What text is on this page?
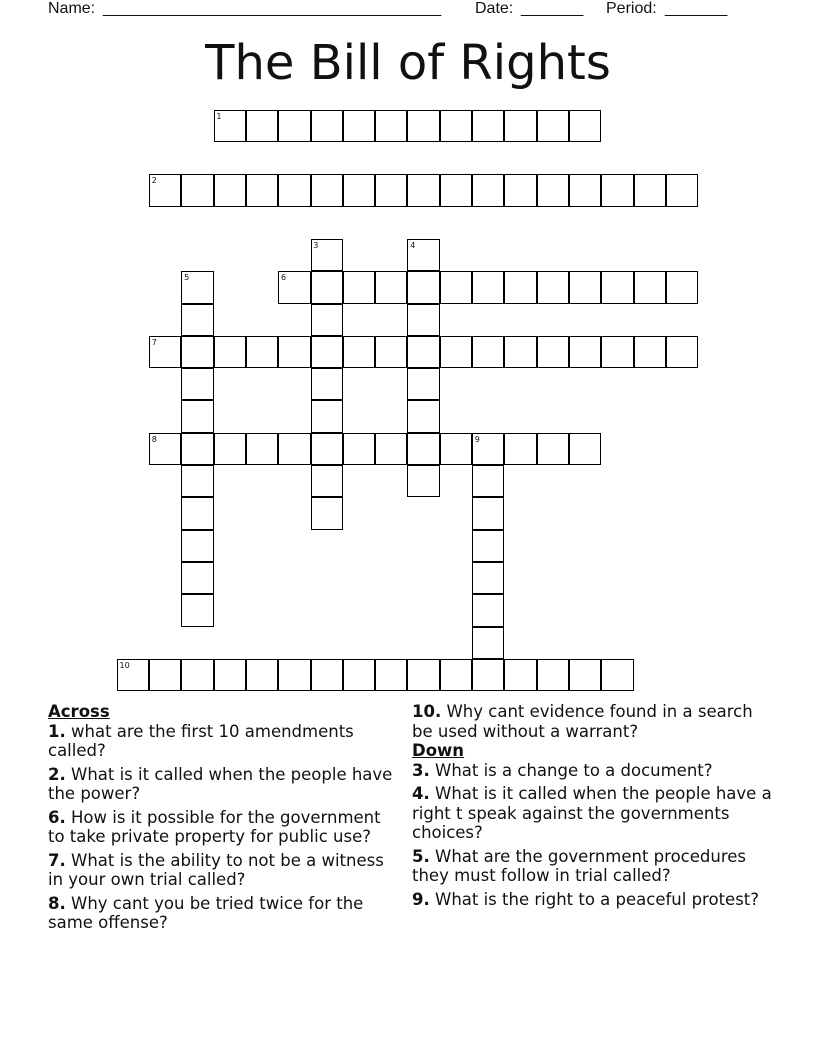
Name: ______________________________________ Date: _______ Period: _______
The Bill of Rights
1
2
3	4
5	6
7
8	9
10
Across
1. what are the first 10 amendments called?
2. What is it called when the people have the power?
6. How is it possible for the government to take private property for public use?
7. What is the ability to not be a witness in your own trial called?
8. Why cant you be tried twice for the same offense?
10. Why cant evidence found in a search be used without a warrant?
Down
3. What is a change to a document?
4. What is it called when the people have a right t speak against the governments choices?
5. What are the government procedures they must follow in trial called?
9. What is the right to a peaceful protest?
